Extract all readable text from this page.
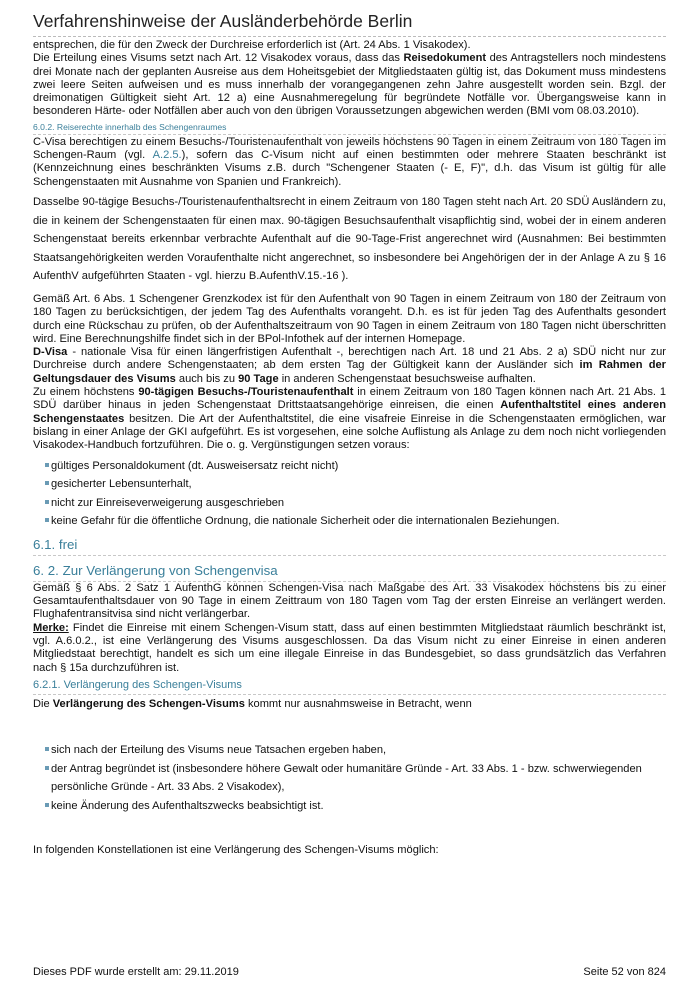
Verfahrenshinweise der Ausländerbehörde Berlin

entsprechen, die für den Zweck der Durchreise erforderlich ist (Art. 24 Abs. 1 Visakodex).

Die Erteilung eines Visums setzt nach Art. 12 Visakodex voraus, dass das Reisedokument des Antragstellers noch mindestens drei Monate nach der geplanten Ausreise aus dem Hoheitsgebiet der Mitgliedstaaten gültig ist, das Dokument muss mindestens zwei leere Seiten aufweisen und es muss innerhalb der vorangegangenen zehn Jahre ausgestellt worden sein. Bzgl. der dreimonatigen Gültigkeit sieht Art. 12 a) eine Ausnahmeregelung für begründete Notfälle vor. Übergangsweise kann in besonderen Härte- oder Notfällen aber auch von den übrigen Voraussetzungen abgewichen werden (BMI vom 08.03.2010).

6.0.2. Reiserechte innerhalb des Schengenraumes

C-Visa berechtigen zu einem Besuchs-/Touristenaufenthalt von jeweils höchstens 90 Tagen in einem Zeitraum von 180 Tagen im Schengen-Raum (vgl. A.2.5.), sofern das C-Visum nicht auf einen bestimmten oder mehrere Staaten beschränkt ist (Kennzeichnung eines beschränkten Visums z.B. durch "Schengener Staaten (- E, F)", d.h. das Visum ist gültig für alle Schengenstaaten mit Ausnahme von Spanien und Frankreich).

Dasselbe 90-tägige Besuchs-/Touristenaufenthaltsrecht in einem Zeitraum von 180 Tagen steht nach Art. 20 SDÜ Ausländern zu, die in keinem der Schengenstaaten für einen max. 90-tägigen Besuchsaufenthalt visapflichtig sind, wobei der in einem anderen Schengenstaat bereits erkennbar verbrachte Aufenthalt auf die 90-Tage-Frist angerechnet wird (Ausnahmen: Bei bestimmten Staatsangehörigkeiten werden Voraufenthalte nicht angerechnet, so insbesondere bei Angehörigen der in der Anlage A zu § 16 AufenthV aufgeführten Staaten - vgl. hierzu B.AufenthV.15.-16 ).

Gemäß Art. 6 Abs. 1 Schengener Grenzkodex ist für den Aufenthalt von 90 Tagen in einem Zeitraum von 180 der Zeitraum von 180 Tagen zu berücksichtigen, der jedem Tag des Aufenthalts vorangeht. D.h. es ist für jeden Tag des Aufenthalts gesondert durch eine Rückschau zu prüfen, ob der Aufenthaltszeitraum von 90 Tagen in einem Zeitraum von 180 Tagen nicht überschritten wird. Eine Berechnungshilfe findet sich in der BPol-Infothek auf der internen Homepage.

D-Visa - nationale Visa für einen längerfristigen Aufenthalt -, berechtigen nach Art. 18 und 21 Abs. 2 a) SDÜ nicht nur zur Durchreise durch andere Schengenstaaten; ab dem ersten Tag der Gültigkeit kann der Ausländer sich im Rahmen der Geltungsdauer des Visums auch bis zu 90 Tage in anderen Schengenstaat besuchsweise aufhalten.

Zu einem höchstens 90-tägigen Besuchs-/Touristenaufenthalt in einem Zeitraum von 180 Tagen können nach Art. 21 Abs. 1 SDÜ darüber hinaus in jeden Schengenstaat Drittstaatsangehörige einreisen, die einen Aufenthaltstitel eines anderen Schengenstaates besitzen. Die Art der Aufenthaltstitel, die eine visafreie Einreise in die Schengenstaaten ermöglichen, war bislang in einer Anlage der GKI aufgeführt. Es ist vorgesehen, eine solche Auflistung als Anlage zu dem noch nicht vorliegenden Visakodex-Handbuch fortzuführen. Die o. g. Vergünstigungen setzen voraus:

gültiges Personaldokument (dt. Ausweisersatz reicht nicht)
gesicherter Lebensunterhalt,
nicht zur Einreiseverweigerung ausgeschrieben
keine Gefahr für die öffentliche Ordnung, die nationale Sicherheit oder die internationalen Beziehungen.
6.1. frei
6. 2. Zur Verlängerung von Schengenvisa

Gemäß § 6 Abs. 2 Satz 1 AufenthG können Schengen-Visa nach Maßgabe des Art. 33 Visakodex höchstens bis zu einer Gesamtaufenthaltsdauer von 90 Tage in einem Zeittraum von 180 Tagen vom Tag der ersten Einreise an verlängert werden. Flughafentransitvisa sind nicht verlängerbar.

Merke: Findet die Einreise mit einem Schengen-Visum statt, dass auf einen bestimmten Mitgliedstaat räumlich beschränkt ist, vgl. A.6.0.2., ist eine Verlängerung des Visums ausgeschlossen. Da das Visum nicht zu einer Einreise in einen anderen Mitgliedstaat berechtigt, handelt es sich um eine illegale Einreise in das Bundesgebiet, so dass grundsätzlich das Verfahren nach § 15a durchzuführen ist.

6.2.1. Verlängerung des Schengen-Visums

Die Verlängerung des Schengen-Visums kommt nur ausnahmsweise in Betracht, wenn

sich nach der Erteilung des Visums neue Tatsachen ergeben haben,
der Antrag begründet ist (insbesondere höhere Gewalt oder humanitäre Gründe - Art. 33 Abs. 1 - bzw. schwerwiegenden persönliche Gründe - Art. 33 Abs. 2 Visakodex),
keine Änderung des Aufenthaltszwecks beabsichtigt ist.

In folgenden Konstellationen ist eine Verlängerung des Schengen-Visums möglich:

Dieses PDF wurde erstellt am: 29.11.2019	Seite 52 von 824
